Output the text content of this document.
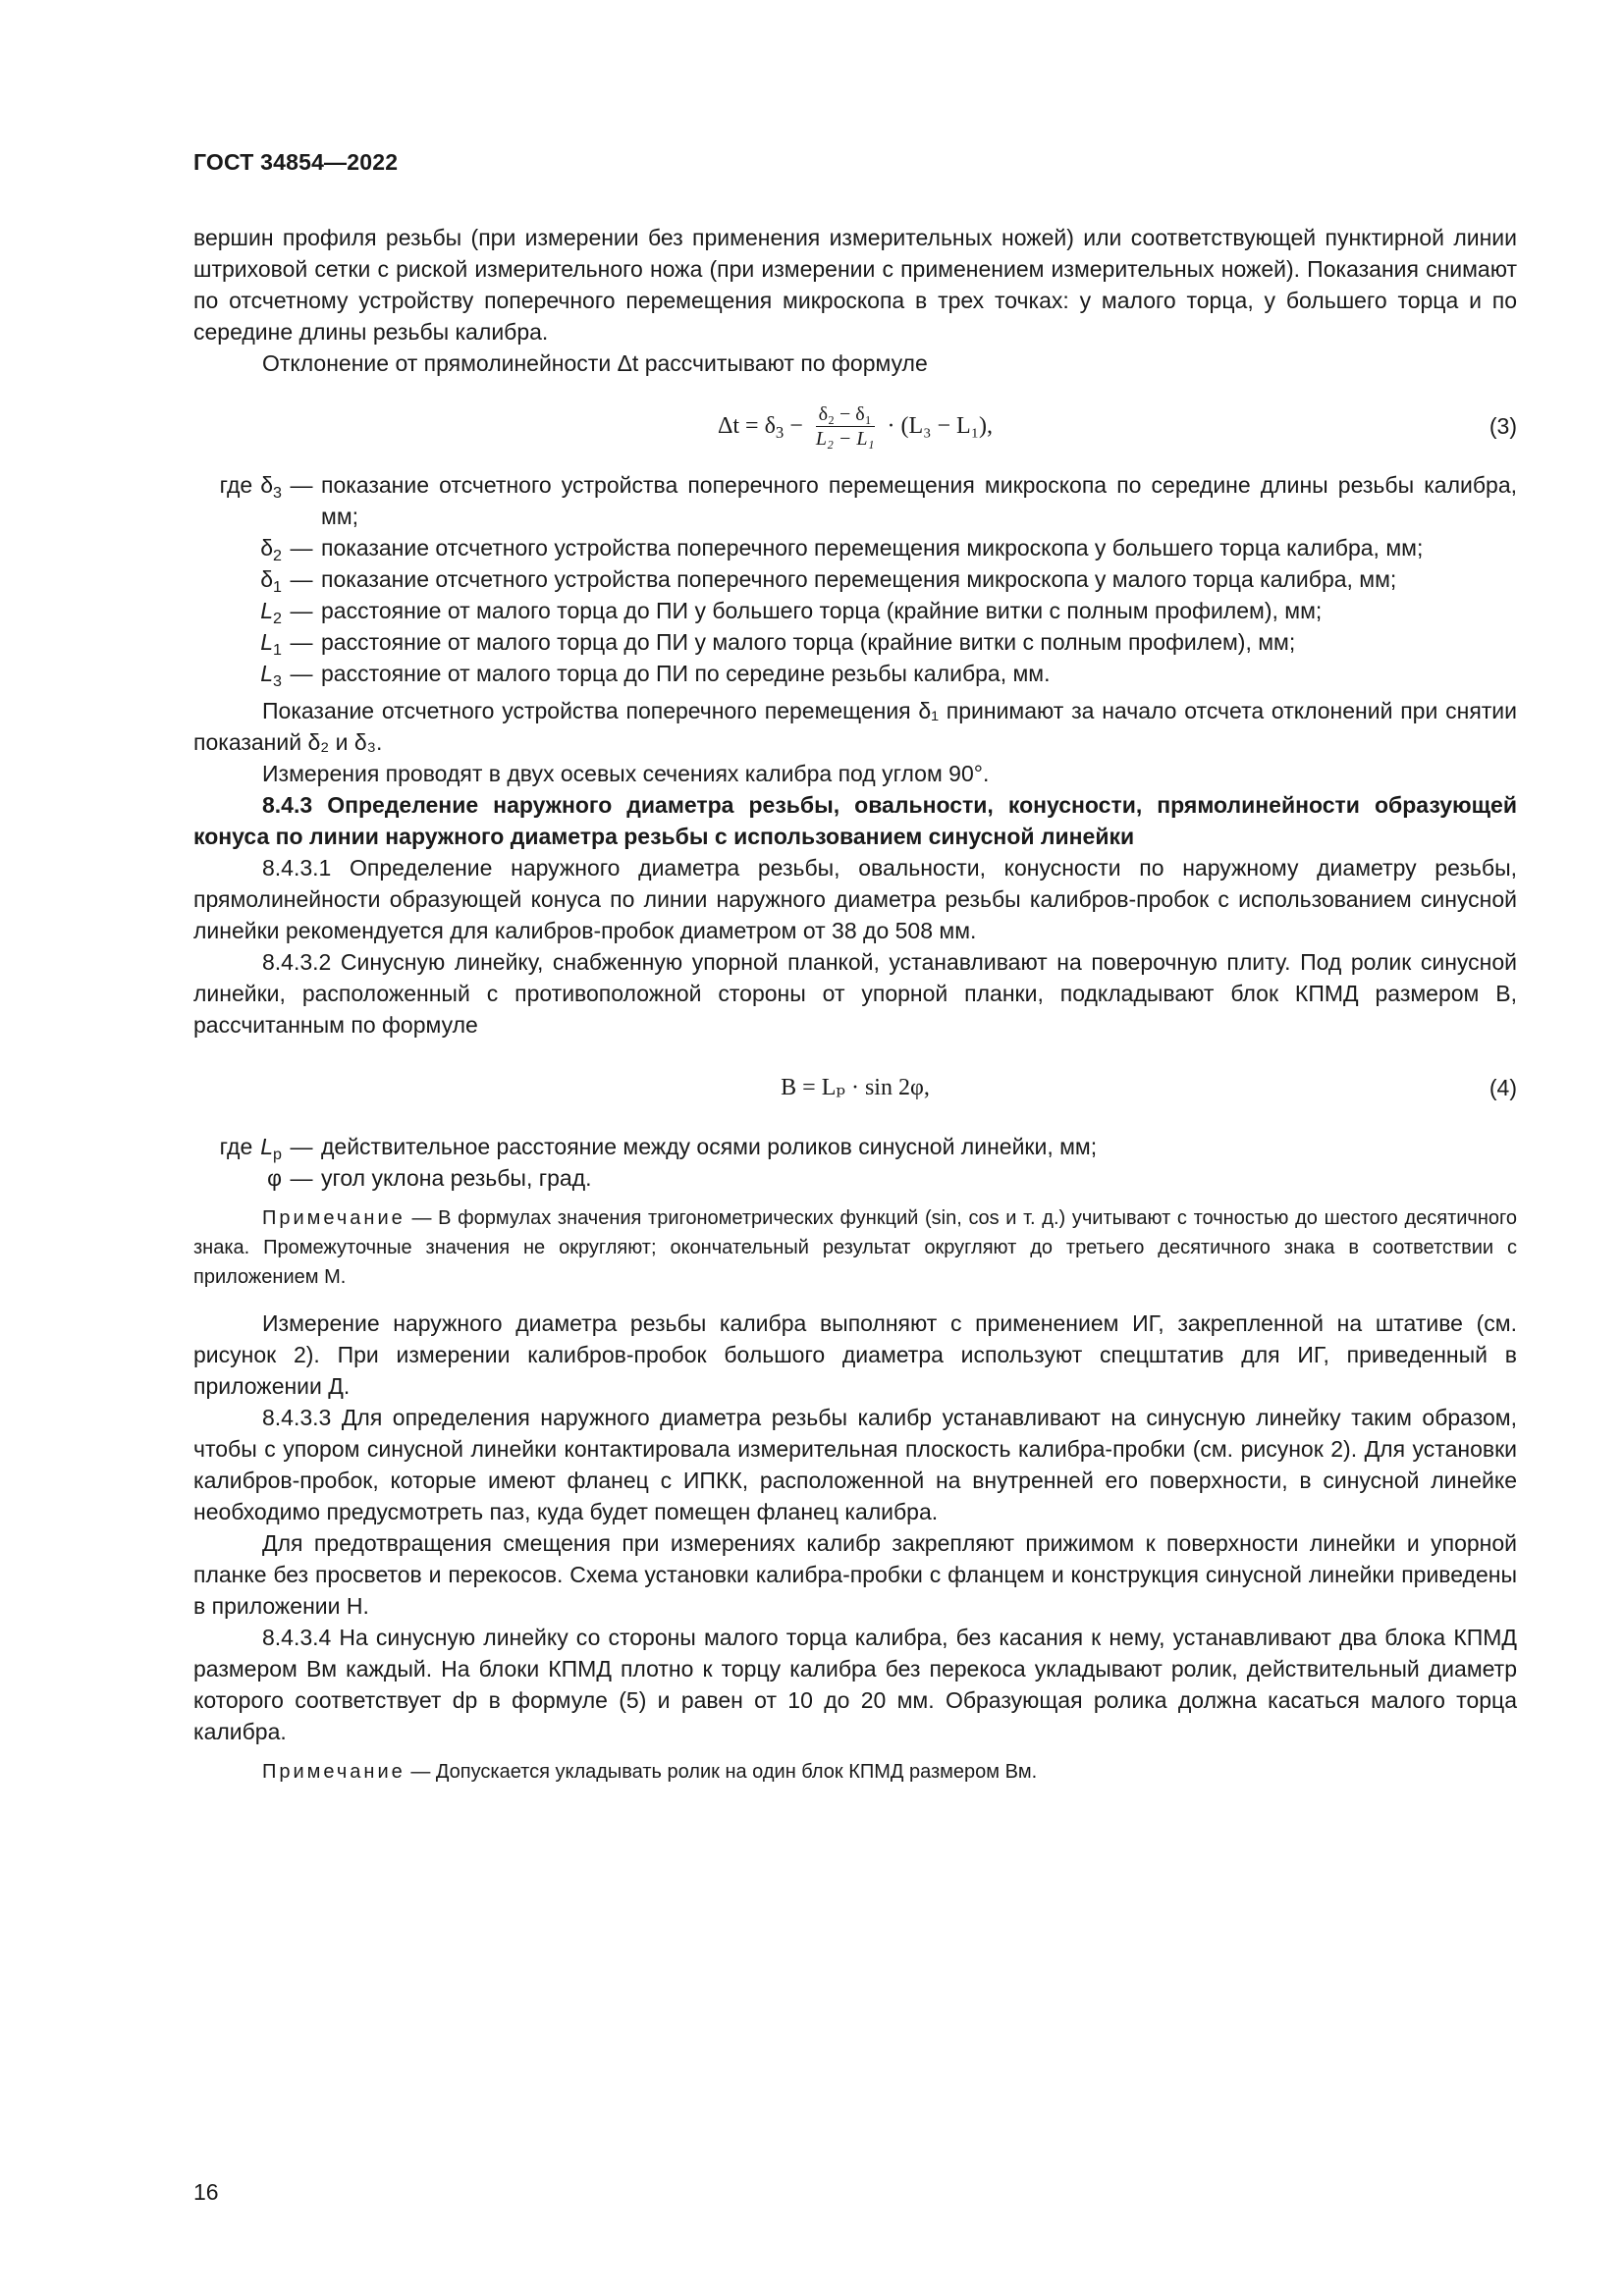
ГОСТ 34854—2022

вершин профиля резьбы (при измерении без применения измерительных ножей) или соответствующей пунктирной линии штриховой сетки с риской измерительного ножа (при измерении с применением измерительных ножей). Показания снимают по отсчетному устройству поперечного перемещения микроскопа в трех точках: у малого торца, у большего торца и по середине длины резьбы калибра.

Отклонение от прямолинейности Δt рассчитывают по формуле

$\Delta t = \delta_3 - \frac{\text{δ₂ − δ₁}}{\text{L₂ − L₁}} \cdot (L_3 - L_1)$,	(3)
где $\delta_3$ — показание отсчетного устройства поперечного перемещения микроскопа по середине длины резьбы калибра, мм;
$\delta_2$ — показание отсчетного устройства поперечного перемещения микроскопа у большего торца калибра, мм;
$\delta_1$ — показание отсчетного устройства поперечного перемещения микроскопа у малого торца калибра, мм;
$L_2$ — расстояние от малого торца до ПИ у большего торца (крайние витки с полным профилем), мм;
$L_1$ — расстояние от малого торца до ПИ у малого торца (крайние витки с полным профилем), мм;
$L_3$ — расстояние от малого торца до ПИ по середине резьбы калибра, мм.

Показание отсчетного устройства поперечного перемещения δ₁ принимают за начало отсчета отклонений при снятии показаний δ₂ и δ₃.

Измерения проводят в двух осевых сечениях калибра под углом 90°.

8.4.3 Определение наружного диаметра резьбы, овальности, конусности, прямолинейности образующей конуса по линии наружного диаметра резьбы с использованием синусной линейки

8.4.3.1 Определение наружного диаметра резьбы, овальности, конусности по наружному диаметру резьбы, прямолинейности образующей конуса по линии наружного диаметра резьбы калибров-пробок с использованием синусной линейки рекомендуется для калибров-пробок диаметром от 38 до 508 мм.

8.4.3.2 Синусную линейку, снабженную упорной планкой, устанавливают на поверочную плиту. Под ролик синусной линейки, расположенный с противоположной стороны от упорной планки, подкладывают блок КПМД размером B, рассчитанным по формуле

B = Lₚ · sin 2φ,	(4)
где $L_р$ — действительное расстояние между осями роликов синусной линейки, мм;
φ — угол уклона резьбы, град.
Примечание — В формулах значения тригонометрических функций (sin, cos и т. д.) учитывают с точностью до шестого десятичного знака. Промежуточные значения не округляют; окончательный результат округляют до третьего десятичного знака в соответствии с приложением М.

Измерение наружного диаметра резьбы калибра выполняют с применением ИГ, закрепленной на штативе (см. рисунок 2). При измерении калибров-пробок большого диаметра используют спецштатив для ИГ, приведенный в приложении Д.

8.4.3.3 Для определения наружного диаметра резьбы калибр устанавливают на синусную линейку таким образом, чтобы с упором синусной линейки контактировала измерительная плоскость калибра-пробки (см. рисунок 2). Для установки калибров-пробок, которые имеют фланец с ИПКК, расположенной на внутренней его поверхности, в синусной линейке необходимо предусмотреть паз, куда будет помещен фланец калибра.

Для предотвращения смещения при измерениях калибр закрепляют прижимом к поверхности линейки и упорной планке без просветов и перекосов. Схема установки калибра-пробки с фланцем и конструкция синусной линейки приведены в приложении Н.

8.4.3.4 На синусную линейку со стороны малого торца калибра, без касания к нему, устанавливают два блока КПМД размером Bм каждый. На блоки КПМД плотно к торцу калибра без перекоса укладывают ролик, действительный диаметр которого соответствует dр в формуле (5) и равен от 10 до 20 мм. Образующая ролика должна касаться малого торца калибра.

Примечание — Допускается укладывать ролик на один блок КПМД размером Bм.
16
